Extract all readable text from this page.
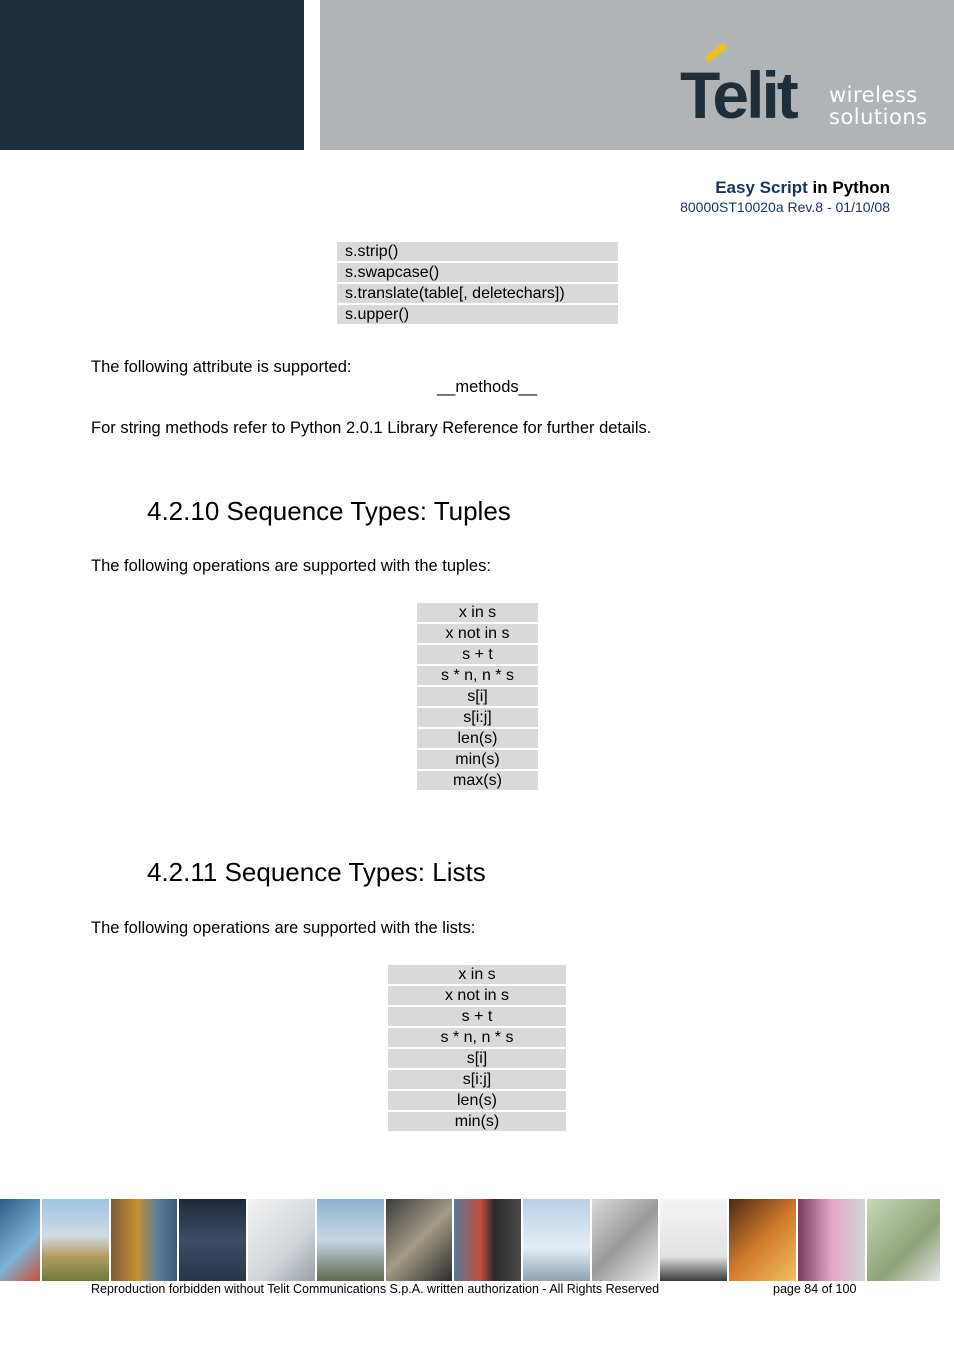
Telit wireless
solutions
Easy Script in Python
80000ST10020a Rev.8 - 01/10/08
s.strip()
s.swapcase()
s.translate(table[, deletechars])
s.upper()
The following attribute is supported:
__methods__
For string methods refer to Python 2.0.1 Library Reference for further details.
4.2.10 Sequence Types: Tuples
The following operations are supported with the tuples:
x in s
x not in s
s + t
s * n, n * s
s[i]
s[i:j]
len(s)
min(s)
max(s)
4.2.11 Sequence Types: Lists
The following operations are supported with the lists:
x in s
x not in s
s + t
s * n, n * s
s[i]
s[i:j]
len(s)
min(s)
Reproduction forbidden without Telit Communications S.p.A. written authorization - All Rights Reserved	page 84 of 100
